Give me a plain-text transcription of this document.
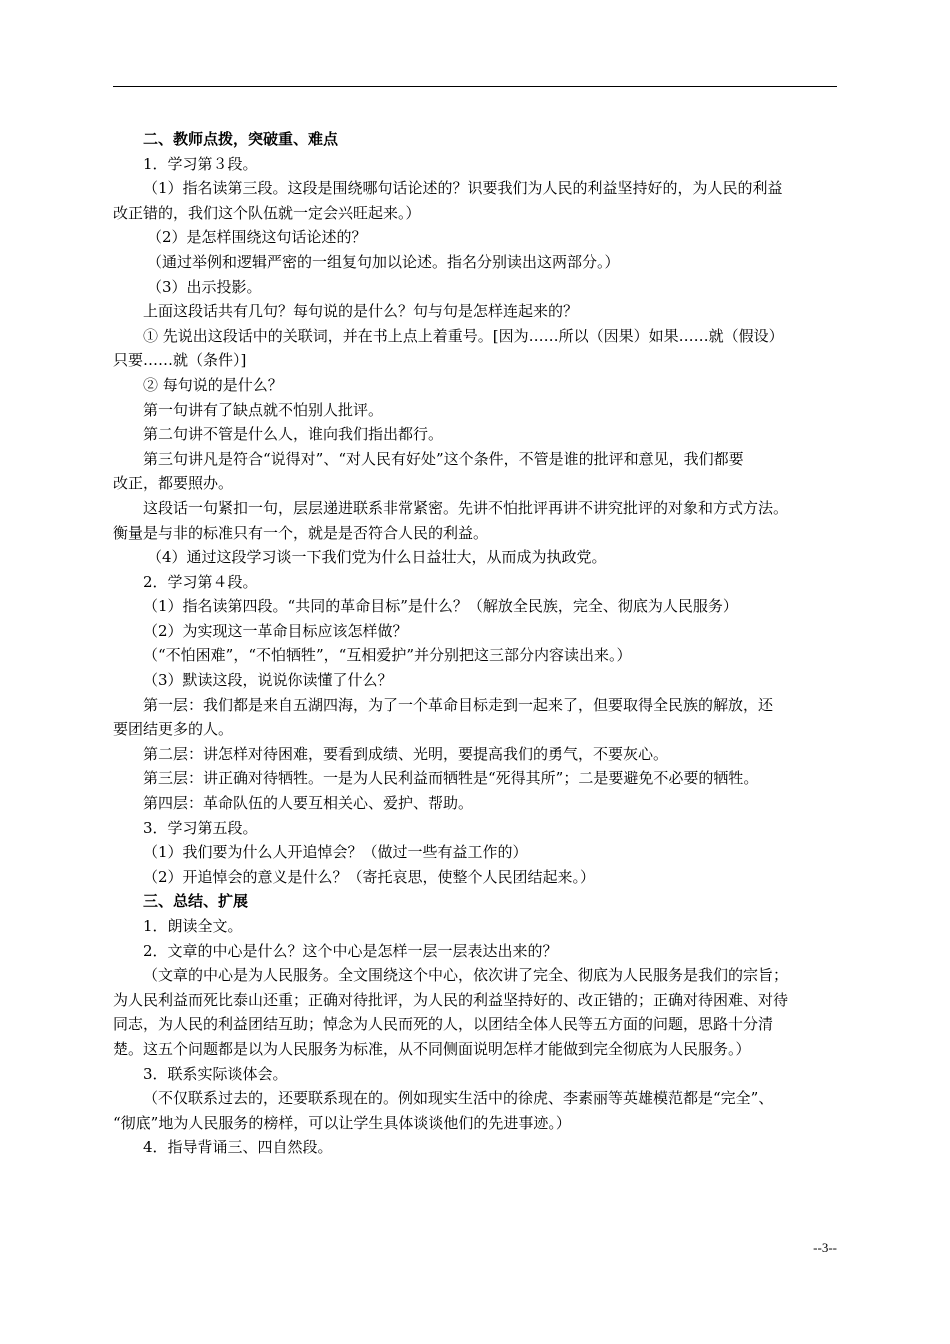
二、教师点拨，突破重、难点
1．学习第３段。
（1）指名读第三段。这段是围绕哪句话论述的？识要我们为人民的利益坚持好的，为人民的利益
改正错的，我们这个队伍就一定会兴旺起来。）
（2）是怎样围绕这句话论述的？
（通过举例和逻辑严密的一组复句加以论述。指名分别读出这两部分。）
（3）出示投影。
上面这段话共有几句？每句说的是什么？句与句是怎样连起来的？
① 先说出这段话中的关联词，并在书上点上着重号。[因为……所以（因果）如果……就（假设）
只要……就（条件）]
② 每句说的是什么？
第一句讲有了缺点就不怕别人批评。
第二句讲不管是什么人，谁向我们指出都行。
第三句讲凡是符合“说得对”、“对人民有好处”这个条件，不管是谁的批评和意见，我们都要
改正，都要照办。
这段话一句紧扣一句，层层递进联系非常紧密。先讲不怕批评再讲不讲究批评的对象和方式方法。
衡量是与非的标准只有一个，就是是否符合人民的利益。
（4）通过这段学习谈一下我们党为什么日益壮大，从而成为执政党。
2．学习第４段。
（1）指名读第四段。“共同的革命目标”是什么？（解放全民族，完全、彻底为人民服务）
（2）为实现这一革命目标应该怎样做？
（“不怕困难”，“不怕牺牲”，“互相爱护”并分别把这三部分内容读出来。）
（3）默读这段，说说你读懂了什么？
第一层：我们都是来自五湖四海，为了一个革命目标走到一起来了，但要取得全民族的解放，还
要团结更多的人。
第二层：讲怎样对待困难，要看到成绩、光明，要提高我们的勇气，不要灰心。
第三层：讲正确对待牺牲。一是为人民利益而牺牲是“死得其所”；二是要避免不必要的牺牲。
第四层：革命队伍的人要互相关心、爱护、帮助。
3．学习第五段。
（1）我们要为什么人开追悼会？（做过一些有益工作的）
（2）开追悼会的意义是什么？（寄托哀思，使整个人民团结起来。）
三、总结、扩展
1．朗读全文。
2．文章的中心是什么？这个中心是怎样一层一层表达出来的？
（文章的中心是为人民服务。全文围绕这个中心，依次讲了完全、彻底为人民服务是我们的宗旨；
为人民利益而死比泰山还重；正确对待批评，为人民的利益坚持好的、改正错的；正确对待困难、对待
同志，为人民的利益团结互助；悼念为人民而死的人，以团结全体人民等五方面的问题，思路十分清
楚。这五个问题都是以为人民服务为标准，从不同侧面说明怎样才能做到完全彻底为人民服务。）
3．联系实际谈体会。
（不仅联系过去的，还要联系现在的。例如现实生活中的徐虎、李素丽等英雄模范都是“完全”、
“彻底”地为人民服务的榜样，可以让学生具体谈谈他们的先进事迹。）
4．指导背诵三、四自然段。
--3--
